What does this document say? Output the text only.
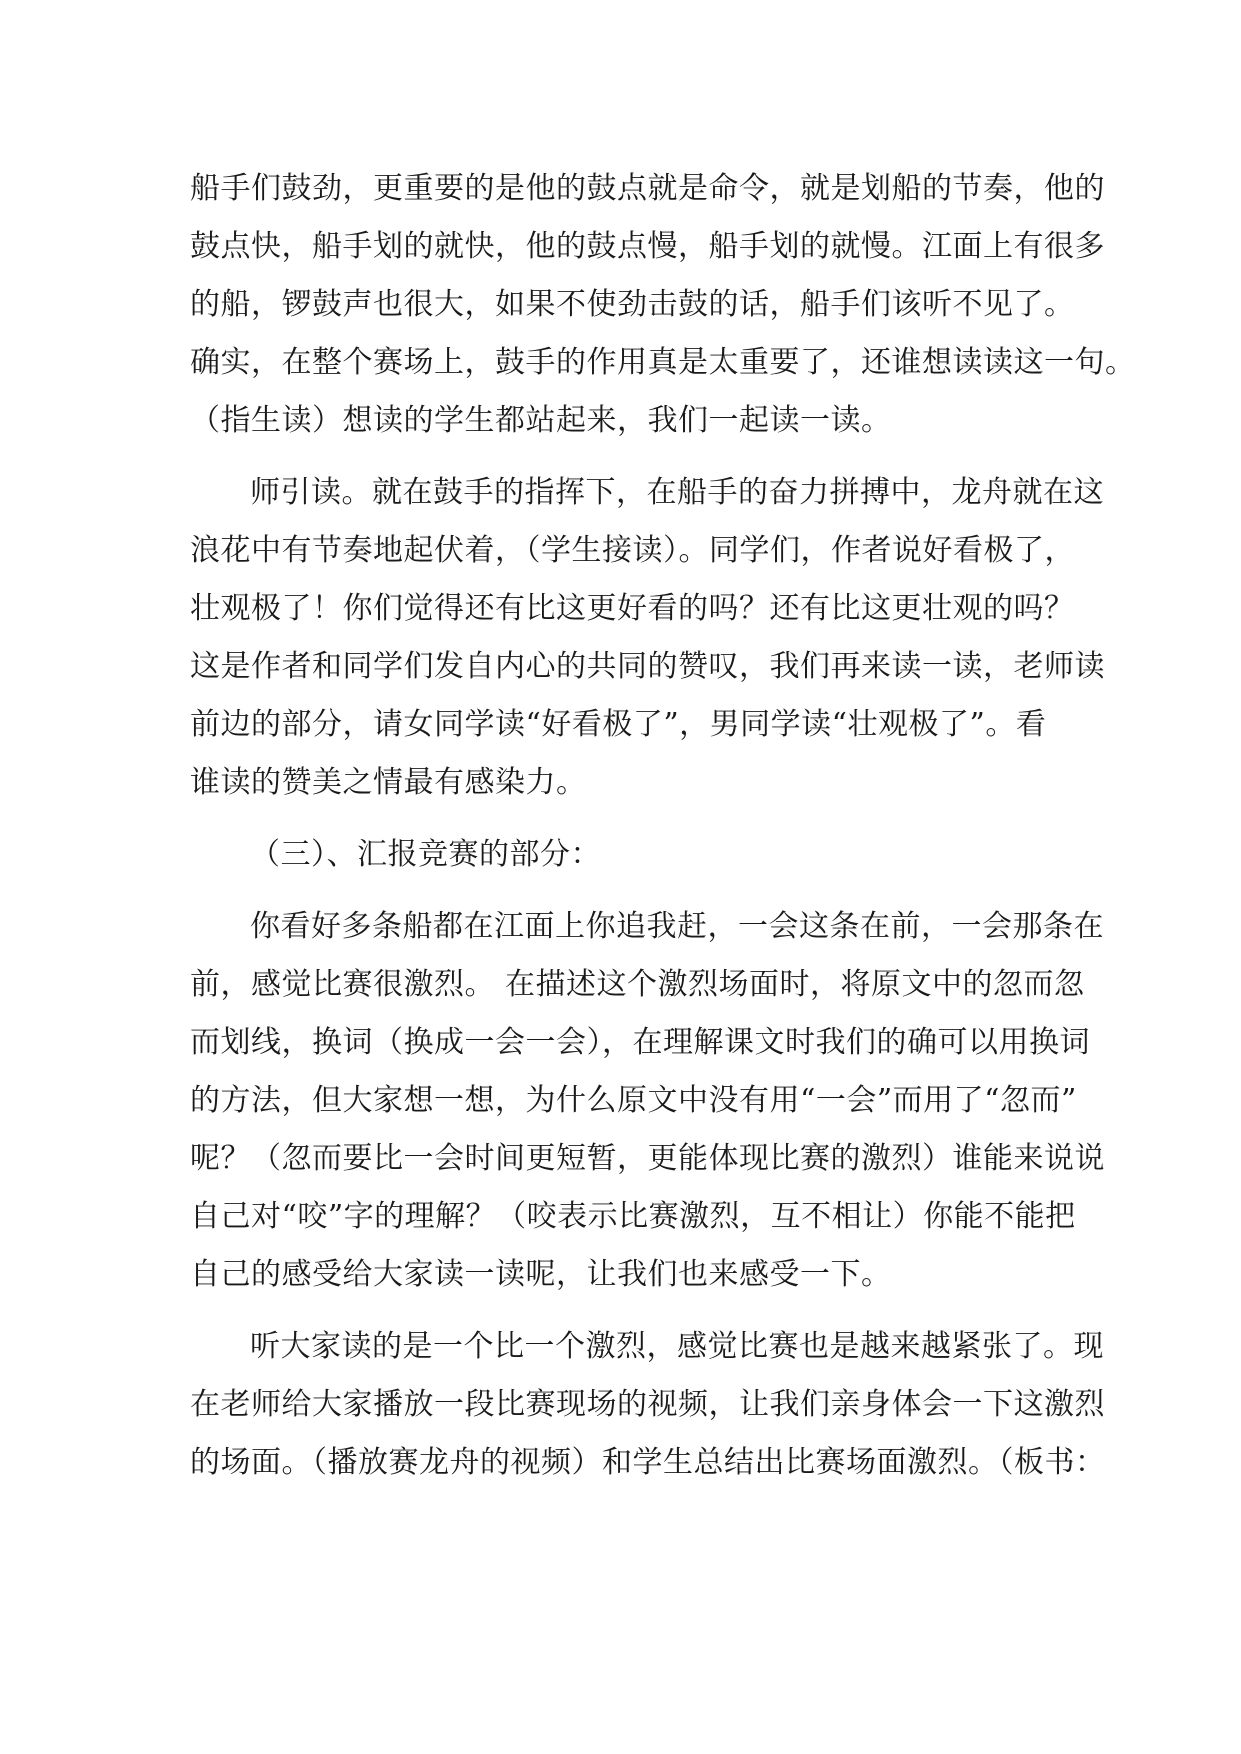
船手们鼓劲，更重要的是他的鼓点就是命令，就是划船的节奏，他的
鼓点快，船手划的就快，他的鼓点慢，船手划的就慢。江面上有很多
的船，锣鼓声也很大，如果不使劲击鼓的话，船手们该听不见了。
确实，在整个赛场上，鼓手的作用真是太重要了，还谁想读读这一句。
（指生读）想读的学生都站起来，我们一起读一读。
师引读。就在鼓手的指挥下，在船手的奋力拼搏中，龙舟就在这
浪花中有节奏地起伏着，（学生接读）。同学们，作者说好看极了，
壮观极了！你们觉得还有比这更好看的吗？还有比这更壮观的吗？
这是作者和同学们发自内心的共同的赞叹，我们再来读一读，老师读
前边的部分，请女同学读“好看极了”，男同学读“壮观极了”。看
谁读的赞美之情最有感染力。
（三）、汇报竞赛的部分：
你看好多条船都在江面上你追我赶，一会这条在前，一会那条在
前，感觉比赛很激烈。 在描述这个激烈场面时，将原文中的忽而忽
而划线，换词（换成一会一会），在理解课文时我们的确可以用换词
的方法，但大家想一想，为什么原文中没有用“一会”而用了“忽而”
呢？（忽而要比一会时间更短暂，更能体现比赛的激烈）谁能来说说
自己对“咬”字的理解？（咬表示比赛激烈，互不相让）你能不能把
自己的感受给大家读一读呢，让我们也来感受一下。
听大家读的是一个比一个激烈，感觉比赛也是越来越紧张了。现
在老师给大家播放一段比赛现场的视频，让我们亲身体会一下这激烈
的场面。（播放赛龙舟的视频）和学生总结出比赛场面激烈。（板书：
